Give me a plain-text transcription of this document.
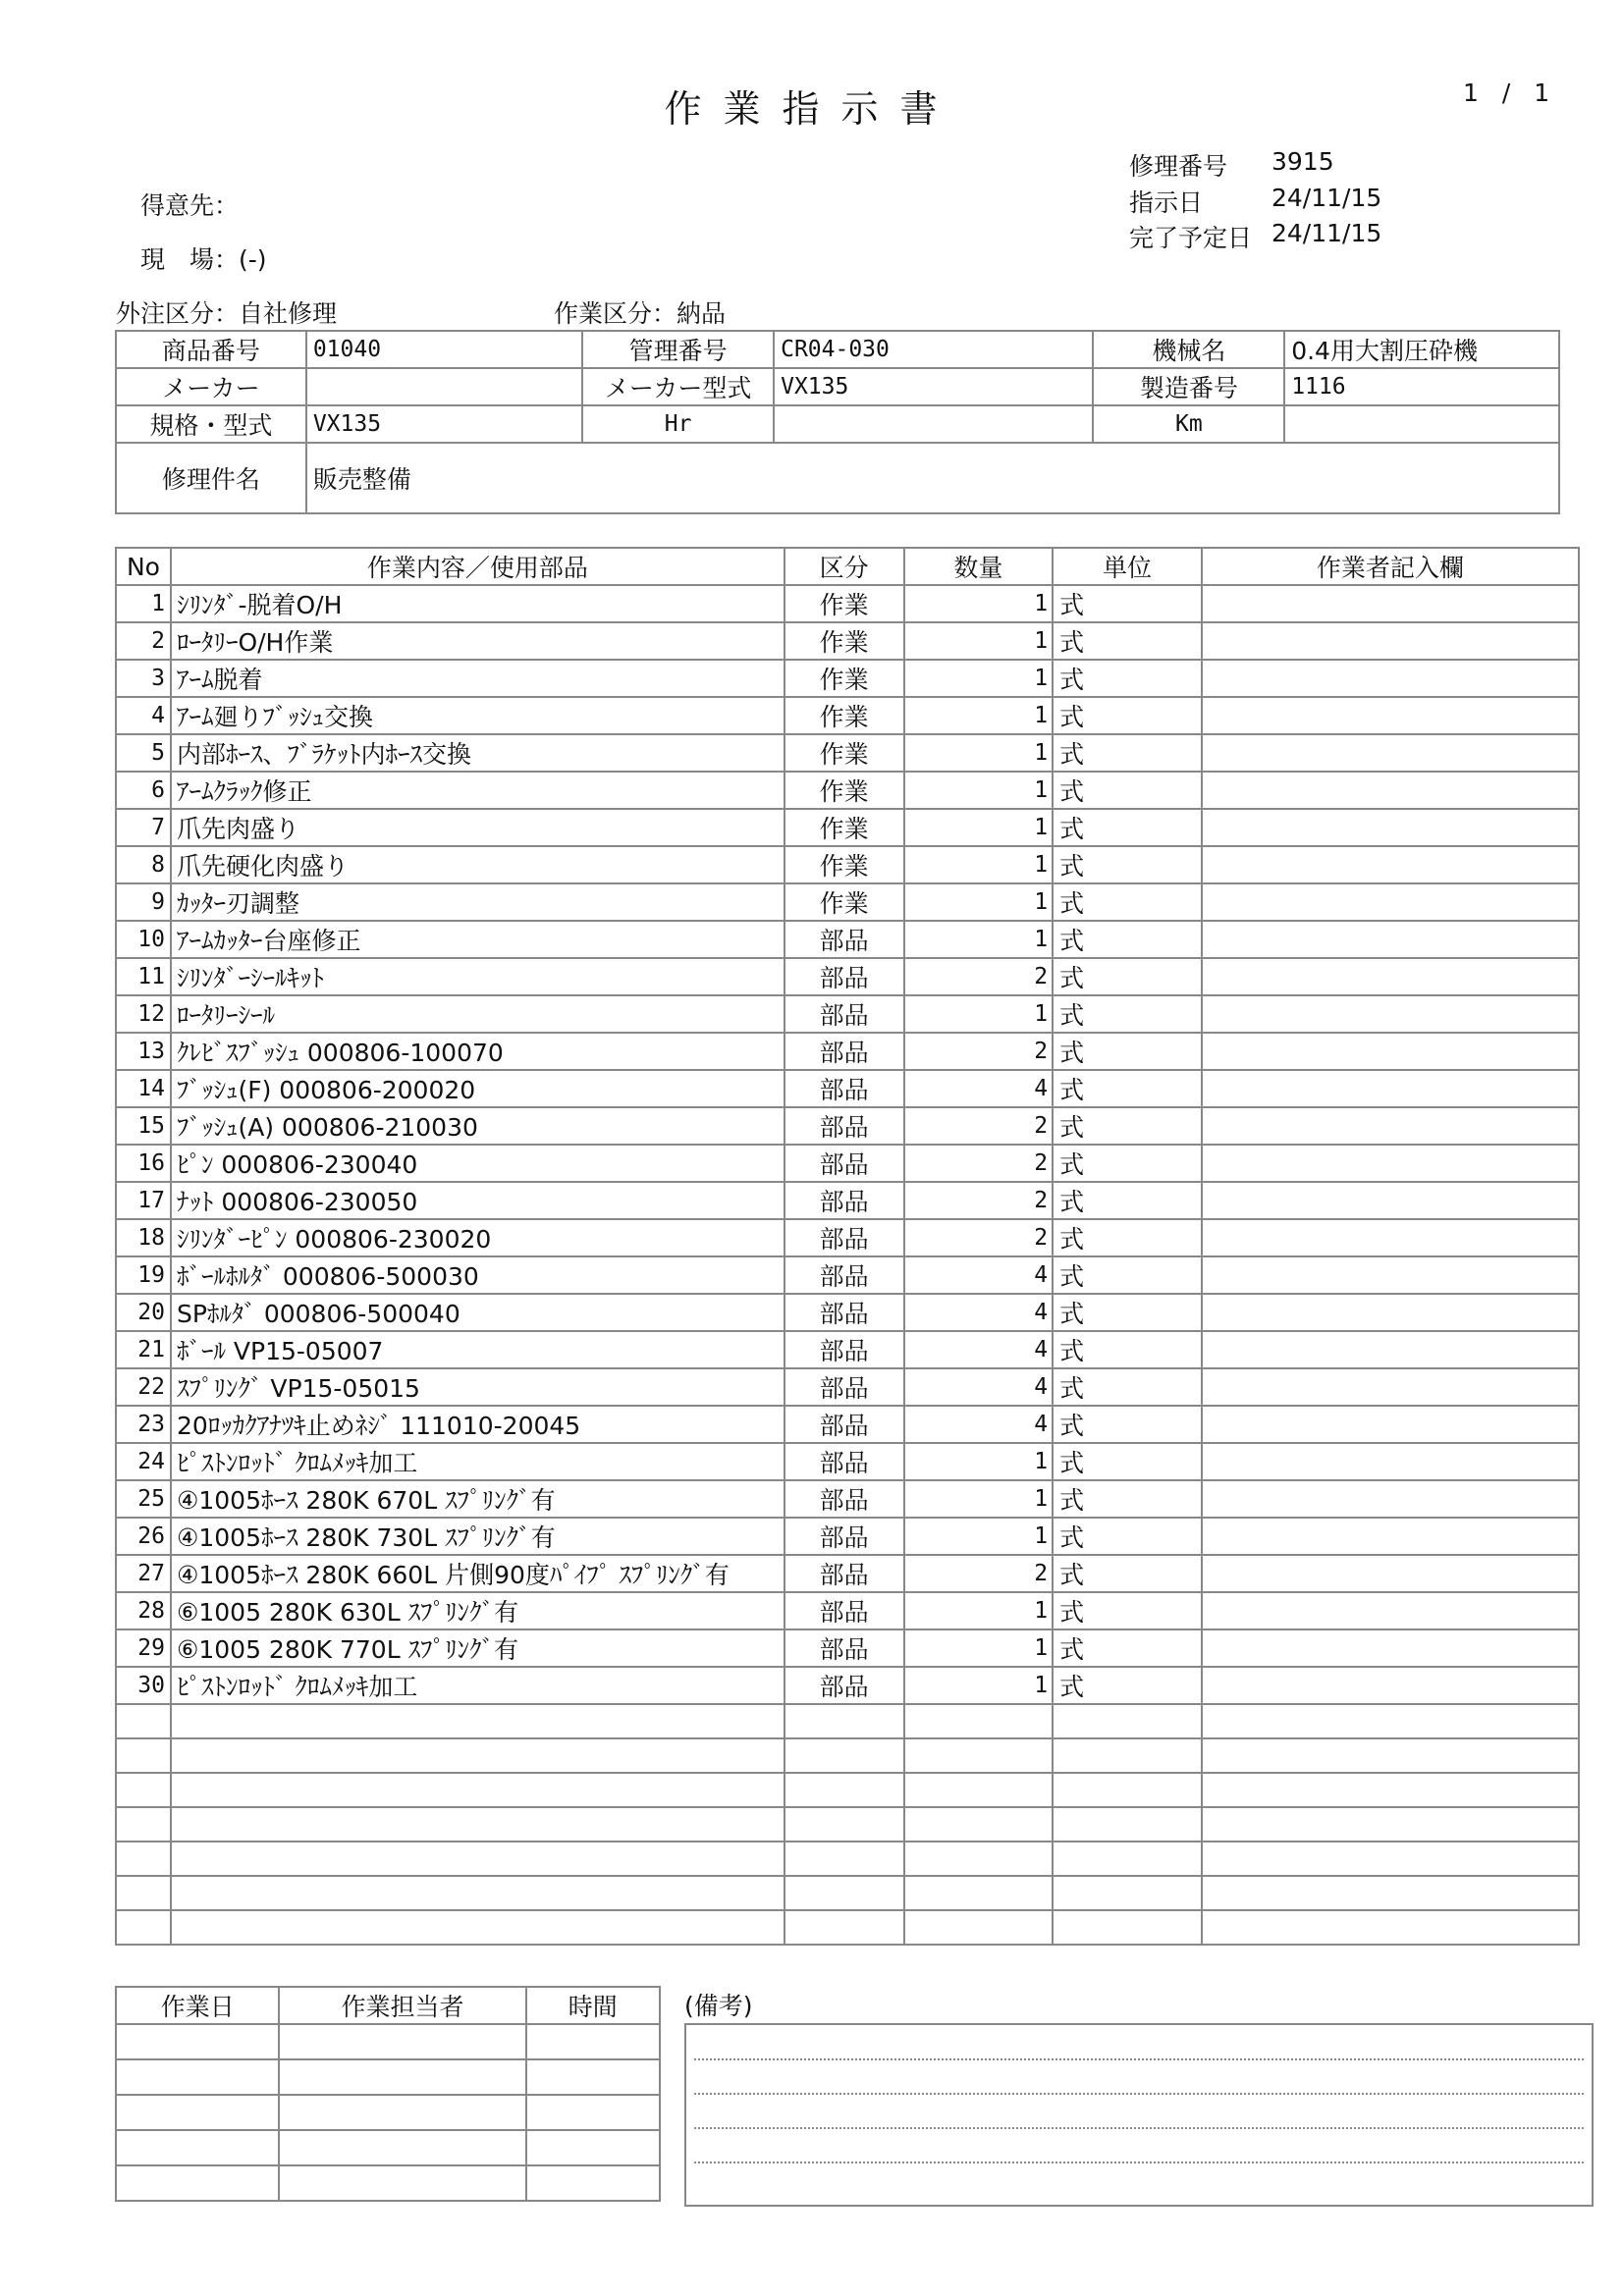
作業指示書	1 / 1
得意先：
現　場：(-)
修理番号 3915
指示日	24/11/15
完了予定日 24/11/15
外注区分：自社修理	作業区分：納品
商品番号	01040	管理番号	CR04-030	機械名	0.4用大割圧砕機
メーカー		メーカー型式	VX135	製造番号	1116
規格・型式	VX135	Hr		Km	
修理件名	販売整備				
No	作業内容／使用部品	区分	数量	単位	作業者記入欄
1	ｼﾘﾝﾀﾞ-脱着O/H	作業	1	式	
2	ﾛｰﾀﾘｰO/H作業	作業	1	式	
3	ｱｰﾑ脱着	作業	1	式	
4	ｱｰﾑ廻りﾌﾞｯｼｭ交換	作業	1	式	
5	内部ﾎｰｽ、ﾌﾞﾗｹｯﾄ内ﾎｰｽ交換	作業	1	式	
6	ｱｰﾑｸﾗｯｸ修正	作業	1	式	
7	爪先肉盛り	作業	1	式	
8	爪先硬化肉盛り	作業	1	式	
9	ｶｯﾀｰ刃調整	作業	1	式	
10	ｱｰﾑｶｯﾀｰ台座修正	部品	1	式	
11	ｼﾘﾝﾀﾞｰｼｰﾙｷｯﾄ	部品	2	式	
12	ﾛｰﾀﾘｰｼｰﾙ	部品	1	式	
13	ｸﾚﾋﾞｽﾌﾞｯｼｭ 000806-100070	部品	2	式	
14	ﾌﾞｯｼｭ(F) 000806-200020	部品	4	式	
15	ﾌﾞｯｼｭ(A) 000806-210030	部品	2	式	
16	ﾋﾟﾝ 000806-230040	部品	2	式	
17	ﾅｯﾄ 000806-230050	部品	2	式	
18	ｼﾘﾝﾀﾞｰﾋﾟﾝ 000806-230020	部品	2	式	
19	ﾎﾞｰﾙﾎﾙﾀﾞ 000806-500030	部品	4	式	
20	SPﾎﾙﾀﾞ 000806-500040	部品	4	式	
21	ﾎﾞｰﾙ VP15-05007	部品	4	式	
22	ｽﾌﾟﾘﾝｸﾞ VP15-05015	部品	4	式	
23	20ﾛｯｶｸｱﾅﾂｷ止めﾈｼﾞ 111010-20045	部品	4	式	
24	ﾋﾟｽﾄﾝﾛｯﾄﾞ ｸﾛﾑﾒｯｷ加工	部品	1	式	
25	④1005ﾎｰｽ 280K 670L ｽﾌﾟﾘﾝｸﾞ有	部品	1	式	
26	④1005ﾎｰｽ 280K 730L ｽﾌﾟﾘﾝｸﾞ有	部品	1	式	
27	④1005ﾎｰｽ 280K 660L 片側90度ﾊﾟｲﾌﾟ ｽﾌﾟﾘﾝｸﾞ有	部品	2	式	
28	⑥1005 280K 630L ｽﾌﾟﾘﾝｸﾞ有	部品	1	式	
29	⑥1005 280K 770L ｽﾌﾟﾘﾝｸﾞ有	部品	1	式	
30	ﾋﾟｽﾄﾝﾛｯﾄﾞ ｸﾛﾑﾒｯｷ加工	部品	1	式	

作業日	作業担当者	時間

			(備考)
